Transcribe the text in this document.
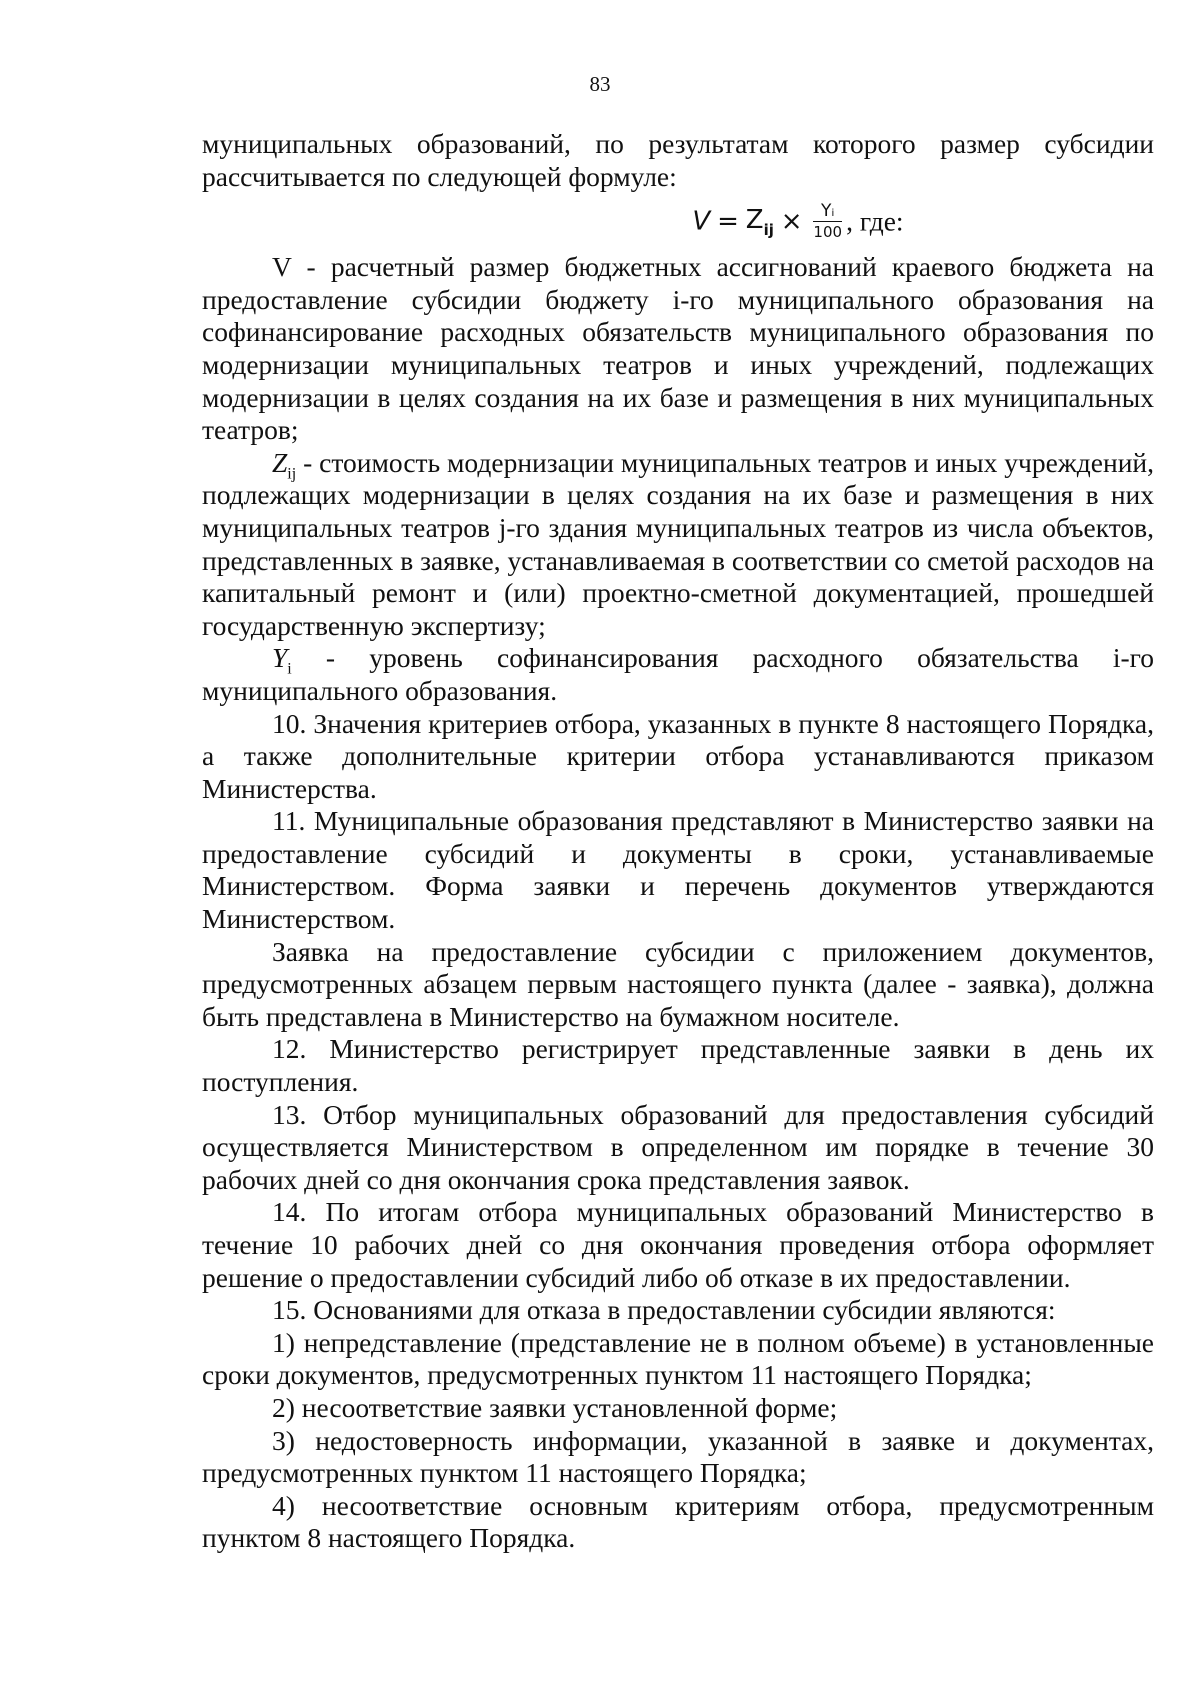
83

муниципальных образований, по результатам которого размер субсидии рассчитывается по следующей формуле:

$V = Z_{ij} \times \frac{\text{Yᵢ}}{100}$ , где:

V - расчетный размер бюджетных ассигнований краевого бюджета на предоставление субсидии бюджету i-го муниципального образования на софинансирование расходных обязательств муниципального образования по модернизации муниципальных театров и иных учреждений, подлежащих модернизации в целях создания на их базе и размещения в них муниципальных театров;

$Z_{ij}$ - стоимость модернизации муниципальных театров и иных учреждений, подлежащих модернизации в целях создания на их базе и размещения в них муниципальных театров j-го здания муниципальных театров из числа объектов, представленных в заявке, устанавливаемая в соответствии со сметой расходов на капитальный ремонт и (или) проектно-сметной документацией, прошедшей государственную экспертизу;

$Y_i$ - уровень софинансирования расходного обязательства i-го муниципального образования.

10. Значения критериев отбора, указанных в пункте 8 настоящего Порядка, а также дополнительные критерии отбора устанавливаются приказом Министерства.

11. Муниципальные образования представляют в Министерство заявки на предоставление субсидий и документы в сроки, устанавливаемые Министерством. Форма заявки и перечень документов утверждаются Министерством.

Заявка на предоставление субсидии с приложением документов, предусмотренных абзацем первым настоящего пункта (далее - заявка), должна быть представлена в Министерство на бумажном носителе.

12. Министерство регистрирует представленные заявки в день их поступления.

13. Отбор муниципальных образований для предоставления субсидий осуществляется Министерством в определенном им порядке в течение 30 рабочих дней со дня окончания срока представления заявок.

14. По итогам отбора муниципальных образований Министерство в течение 10 рабочих дней со дня окончания проведения отбора оформляет решение о предоставлении субсидий либо об отказе в их предоставлении.

15. Основаниями для отказа в предоставлении субсидии являются:

1) непредставление (представление не в полном объеме) в установленные сроки документов, предусмотренных пунктом 11 настоящего Порядка;

2) несоответствие заявки установленной форме;

3) недостоверность информации, указанной в заявке и документах, предусмотренных пунктом 11 настоящего Порядка;

4) несоответствие основным критериям отбора, предусмотренным пунктом 8 настоящего Порядка.
